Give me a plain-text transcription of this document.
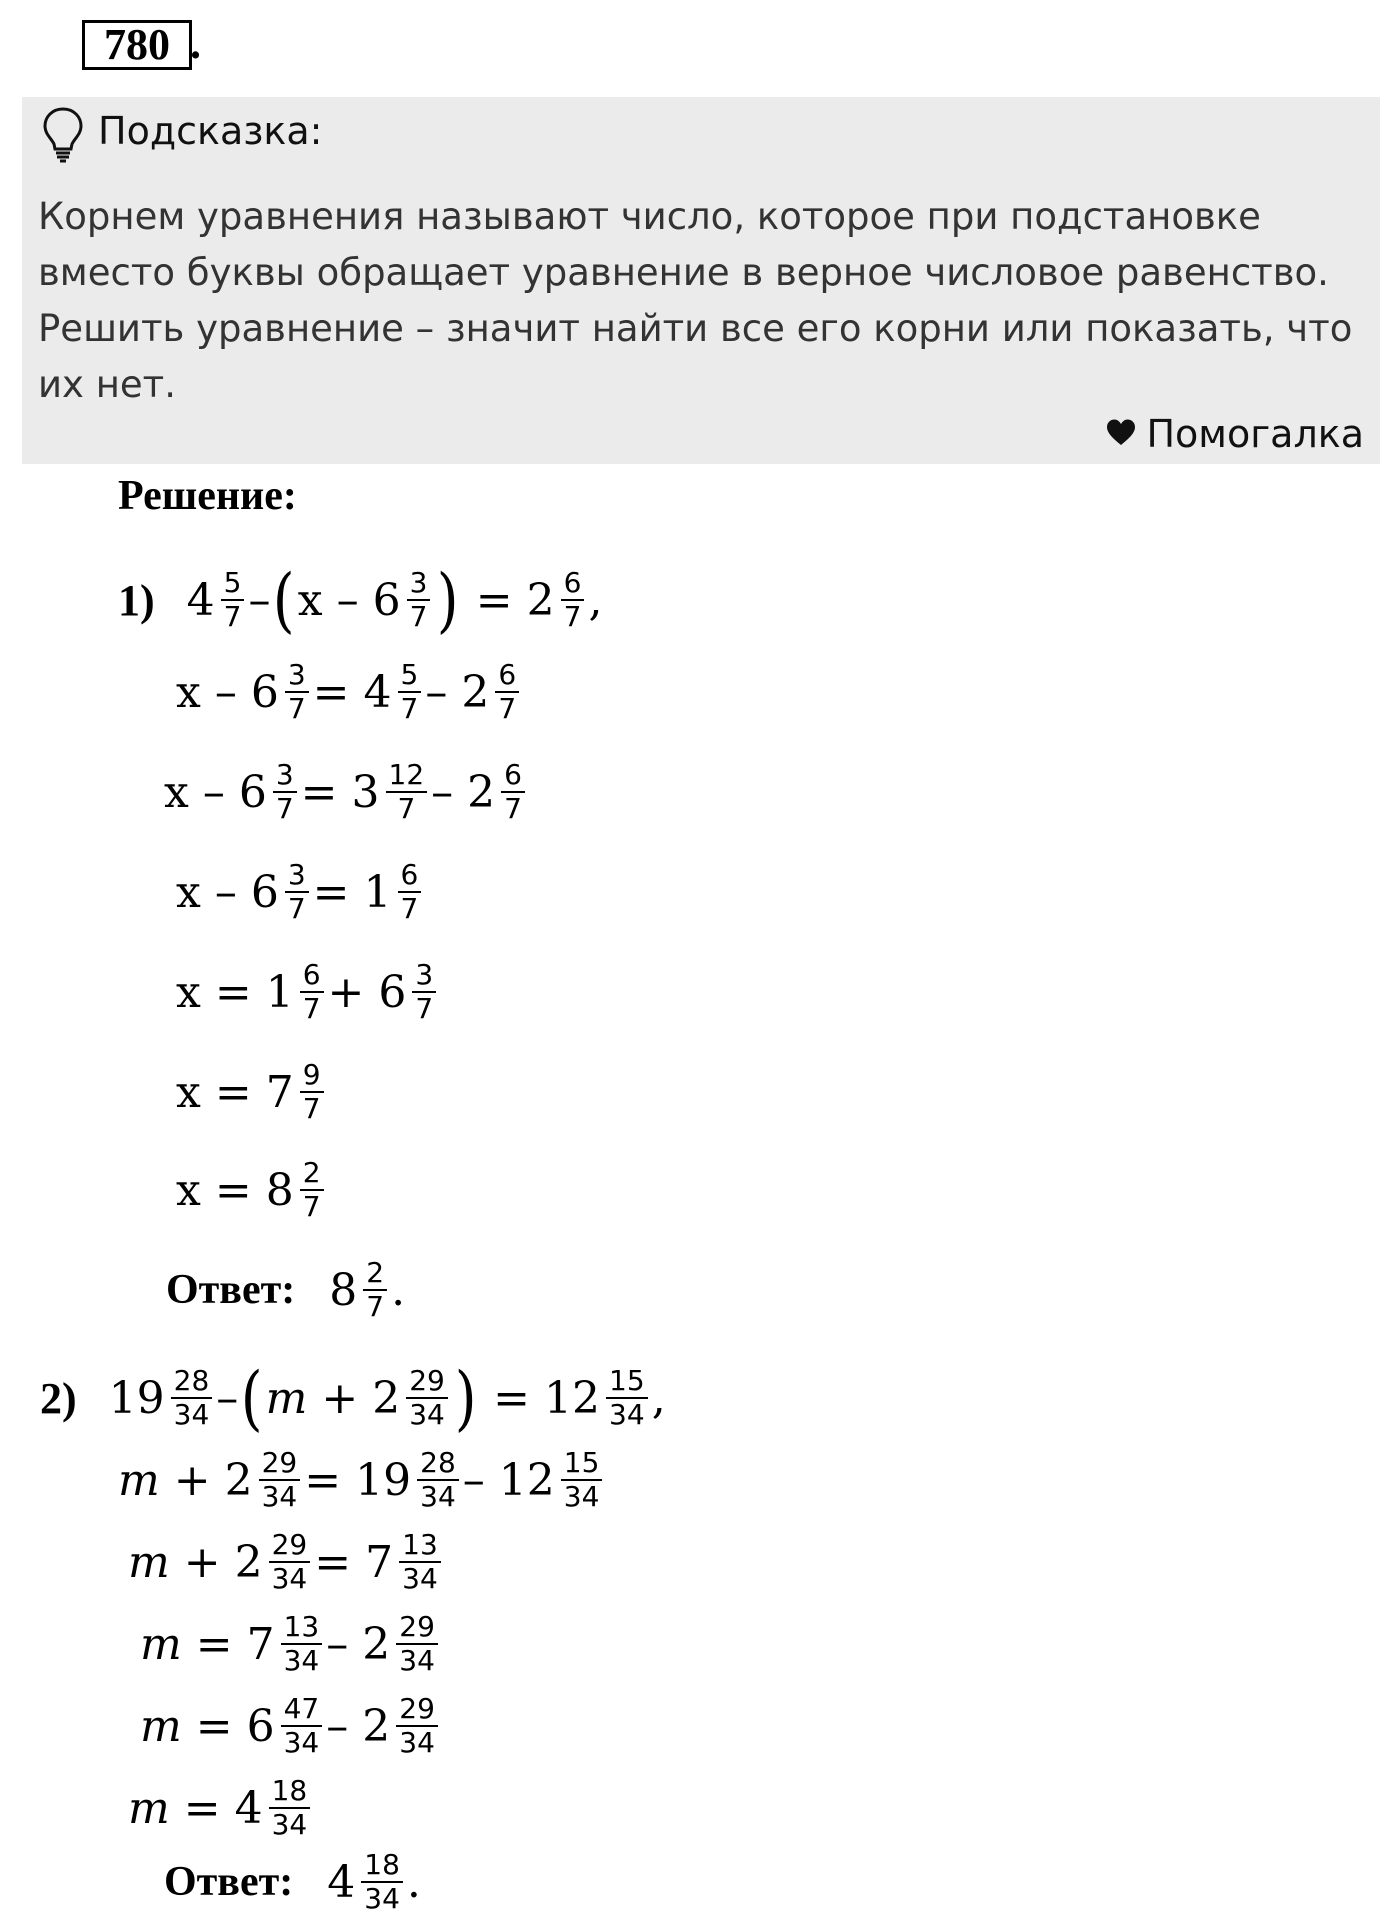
780 .
Подсказка:
Корнем уравнения называют число, которое при подстановке вместо буквы обращает уравнение в верное числовое равенство. Решить уравнение – значит найти все его корни или показать, что их нет.
Помогалка
Решение:
1) $4 \frac{5}{7}$ – ( x – $6 \frac{3}{7}$ ) = $2 \frac{6}{7}$ ,
$x - 6 \frac{3}{7} = 4 \frac{5}{7} - 2 \frac{6}{7}$
$x - 6 \frac{3}{7} = 3 \frac{12}{7} - 2 \frac{6}{7}$
$x - 6 \frac{3}{7} = 1 \frac{6}{7}$
$x = 1 \frac{6}{7} + 6 \frac{3}{7}$
$x = 7 \frac{9}{7}$
$x = 8 \frac{2}{7}$
Ответ: $8 \frac{2}{7}$ .
2) $19 \frac{28}{34}$ – ( $m + 2 \frac{29}{34}$ ) = $12 \frac{15}{34}$ ,
$m + 2 \frac{29}{34} = 19 \frac{28}{34} - 12 \frac{15}{34}$
$m + 2 \frac{29}{34} = 7 \frac{13}{34}$
$m = 7 \frac{13}{34} - 2 \frac{29}{34}$
$m = 6 \frac{47}{34} - 2 \frac{29}{34}$
$m = 4 \frac{18}{34}$
Ответ: $4 \frac{18}{34}$ .
